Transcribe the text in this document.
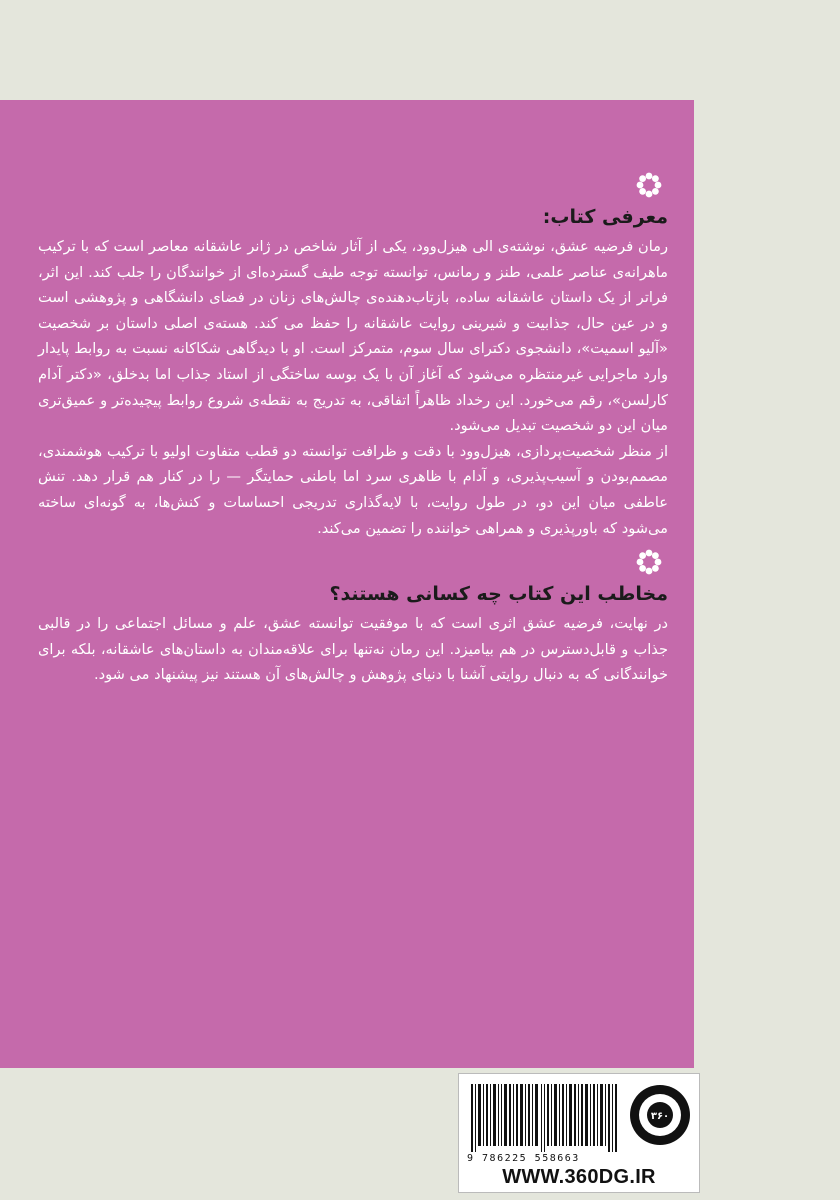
معرفی کتاب:

رمان فرضیه عشق، نوشته‌ی الی هیزل‌وود، یکی از آثار شاخص در ژانر عاشقانه معاصر است که با ترکیب ماهرانه‌ی عناصر علمی، طنز و رمانس، توانسته توجه طیف گسترده‌ای از خوانندگان را جلب کند. این اثر، فراتر از یک داستان عاشقانه ساده، بازتاب‌دهنده‌ی چالش‌های زنان در فضای دانشگاهی و پژوهشی است و در عین حال، جذابیت و شیرینی روایت عاشقانه را حفظ می کند. هسته‌ی اصلی داستان بر شخصیت «آلیو اسمیت»، دانشجوی دکترای سال سوم، متمرکز است. او با دیدگاهی شکاکانه نسبت به روابط پایدار وارد ماجرایی غیرمنتظره می‌شود که آغاز آن با یک بوسه ساختگی از استاد جذاب اما بدخلق، «دکتر آدام کارلسن»، رقم می‌خورد. این رخداد ظاهراً اتفاقی، به تدریج به نقطه‌ی شروع روابط پیچیده‌تر و عمیق‌تری میان این دو شخصیت تبدیل می‌شود.

از منظر شخصیت‌پردازی، هیزل‌وود با دقت و ظرافت توانسته دو قطب متفاوت اولیو با ترکیب هوشمندی، مصمم‌بودن و آسیب‌پذیری، و آدام با ظاهری سرد اما باطنی حمایتگر — را در کنار هم قرار دهد. تنش عاطفی میان این دو، در طول روایت، با لایه‌گذاری تدریجی احساسات و کنش‌ها، به گونه‌ای ساخته می‌شود که باورپذیری و همراهی خواننده را تضمین می‌کند.

مخاطب این کتاب چه کسانی هستند؟

در نهایت، فرضیه عشق اثری است که با موفقیت توانسته عشق، علم و مسائل اجتماعی را در قالبی جذاب و قابل‌دسترس در هم بیامیزد. این رمان نه‌تنها برای علاقه‌مندان به داستان‌های عاشقانه، بلکه برای خوانندگانی که به دنبال روایتی آشنا با دنیای پژوهش و چالش‌های آن هستند نیز پیشنهاد می شود.

9 786225 558663
۳۶۰
WWW.360DG.IR
